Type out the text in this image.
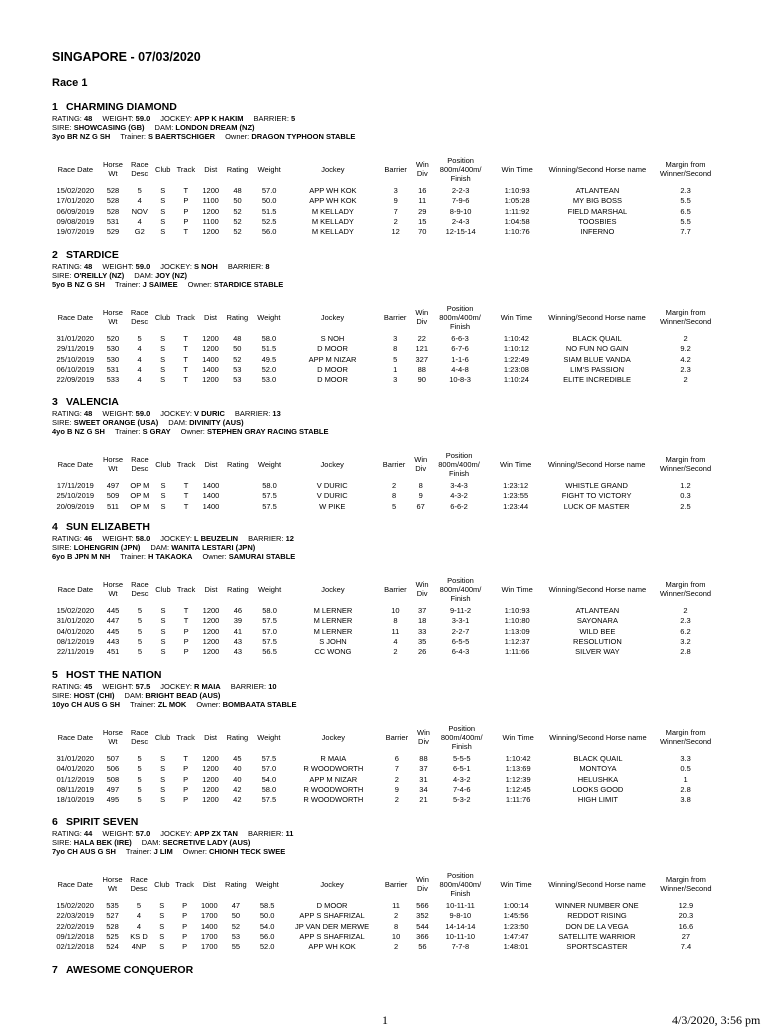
SINGAPORE - 07/03/2020
Race 1
1 CHARMING DIAMOND
RATING: 48 WEIGHT: 59.0 JOCKEY: APP K HAKIM BARRIER: 5
SIRE: SHOWCASING (GB) DAM: LONDON DREAM (NZ)
3yo BR NZ G SH Trainer: S BAERTSCHIGER Owner: DRAGON TYPHOON STABLE
Race Date	Horse Wt	Race Desc	Club	Track	Dist	Rating	Weight	Jockey	Barrier	Win Div	Position 800m/400m/ Finish	Win Time	Winning/Second Horse name	Margin from Winner/Second
15/02/2020	528	5	S	T	1200	48	57.0	APP WH KOK	3	16	2-2-3	1:10:93	ATLANTEAN	2.3
17/01/2020	528	4	S	P	1100	50	50.0	APP WH KOK	9	11	7-9-6	1:05:28	MY BIG BOSS	5.5
06/09/2019	528	NOV	S	P	1200	52	51.5	M KELLADY	7	29	8-9-10	1:11:92	FIELD MARSHAL	6.5
09/08/2019	531	4	S	P	1100	52	52.5	M KELLADY	2	15	2-4-3	1:04:58	TOOSBIES	5.5
19/07/2019	529	G2	S	T	1200	52	56.0	M KELLADY	12	70	12-15-14	1:10:76	INFERNO	7.7
2 STARDICE
RATING: 48 WEIGHT: 59.0 JOCKEY: S NOH BARRIER: 8
SIRE: O'REILLY (NZ) DAM: JOY (NZ)
5yo B NZ G SH Trainer: J SAIMEE Owner: STARDICE STABLE
Race Date	Horse Wt	Race Desc	Club	Track	Dist	Rating	Weight	Jockey	Barrier	Win Div	Position 800m/400m/ Finish	Win Time	Winning/Second Horse name	Margin from Winner/Second
31/01/2020	520	5	S	T	1200	48	58.0	S NOH	3	22	6-6-3	1:10:42	BLACK QUAIL	2
29/11/2019	530	4	S	T	1200	50	51.5	D MOOR	8	121	6-7-6	1:10:12	NO FUN NO GAIN	9.2
25/10/2019	530	4	S	T	1400	52	49.5	APP M NIZAR	5	327	1-1-6	1:22:49	SIAM BLUE VANDA	4.2
06/10/2019	531	4	S	T	1400	53	52.0	D MOOR	1	88	4-4-8	1:23:08	LIM'S PASSION	2.3
22/09/2019	533	4	S	T	1200	53	53.0	D MOOR	3	90	10-8-3	1:10:24	ELITE INCREDIBLE	2
3 VALENCIA
RATING: 48 WEIGHT: 59.0 JOCKEY: V DURIC BARRIER: 13
SIRE: SWEET ORANGE (USA) DAM: DIVINITY (AUS)
4yo B NZ G SH Trainer: S GRAY Owner: STEPHEN GRAY RACING STABLE
Race Date	Horse Wt	Race Desc	Club	Track	Dist	Rating	Weight	Jockey	Barrier	Win Div	Position 800m/400m/ Finish	Win Time	Winning/Second Horse name	Margin from Winner/Second
17/11/2019	497	OP M	S	T	1400		58.0	V DURIC	2	8	3-4-3	1:23:12	WHISTLE GRAND	1.2
25/10/2019	509	OP M	S	T	1400		57.5	V DURIC	8	9	4-3-2	1:23:55	FIGHT TO VICTORY	0.3
20/09/2019	511	OP M	S	T	1400		57.5	W PIKE	5	67	6-6-2	1:23:44	LUCK OF MASTER	2.5
4 SUN ELIZABETH
RATING: 46 WEIGHT: 58.0 JOCKEY: L BEUZELIN BARRIER: 12
SIRE: LOHENGRIN (JPN) DAM: WANITA LESTARI (JPN)
6yo B JPN M NH Trainer: H TAKAOKA Owner: SAMURAI STABLE
Race Date	Horse Wt	Race Desc	Club	Track	Dist	Rating	Weight	Jockey	Barrier	Win Div	Position 800m/400m/ Finish	Win Time	Winning/Second Horse name	Margin from Winner/Second
15/02/2020	445	5	S	T	1200	46	58.0	M LERNER	10	37	9-11-2	1:10:93	ATLANTEAN	2
31/01/2020	447	5	S	T	1200	39	57.5	M LERNER	8	18	3-3-1	1:10:80	SAYONARA	2.3
04/01/2020	445	5	S	P	1200	41	57.0	M LERNER	11	33	2-2-7	1:13:09	WILD BEE	6.2
08/12/2019	443	5	S	P	1200	43	57.5	S JOHN	4	35	6-5-5	1:12:37	RESOLUTION	3.2
22/11/2019	451	5	S	P	1200	43	56.5	CC WONG	2	26	6-4-3	1:11:66	SILVER WAY	2.8
5 HOST THE NATION
RATING: 45 WEIGHT: 57.5 JOCKEY: R MAIA BARRIER: 10
SIRE: HOST (CHI) DAM: BRIGHT BEAD (AUS)
10yo CH AUS G SH Trainer: ZL MOK Owner: BOMBAATA STABLE
Race Date	Horse Wt	Race Desc	Club	Track	Dist	Rating	Weight	Jockey	Barrier	Win Div	Position 800m/400m/ Finish	Win Time	Winning/Second Horse name	Margin from Winner/Second
31/01/2020	507	5	S	T	1200	45	57.5	R MAIA	6	88	5-5-5	1:10:42	BLACK QUAIL	3.3
04/01/2020	506	5	S	P	1200	40	57.0	R WOODWORTH	7	37	6-5-1	1:13:69	MONTOYA	0.5
01/12/2019	508	5	S	P	1200	40	54.0	APP M NIZAR	2	31	4-3-2	1:12:39	HELUSHKA	1
08/11/2019	497	5	S	P	1200	42	58.0	R WOODWORTH	9	34	7-4-6	1:12:45	LOOKS GOOD	2.8
18/10/2019	495	5	S	P	1200	42	57.5	R WOODWORTH	2	21	5-3-2	1:11:76	HIGH LIMIT	3.8
6 SPIRIT SEVEN
RATING: 44 WEIGHT: 57.0 JOCKEY: APP ZX TAN BARRIER: 11
SIRE: HALA BEK (IRE) DAM: SECRETIVE LADY (AUS)
7yo CH AUS G SH Trainer: J LIM Owner: CHIONH TECK SWEE
Race Date	Horse Wt	Race Desc	Club	Track	Dist	Rating	Weight	Jockey	Barrier	Win Div	Position 800m/400m/ Finish	Win Time	Winning/Second Horse name	Margin from Winner/Second
15/02/2020	535	5	S	P	1000	47	58.5	D MOOR	11	566	10-11-11	1:00:14	WINNER NUMBER ONE	12.9
22/03/2019	527	4	S	P	1700	50	50.0	APP S SHAFRIZAL	2	352	9-8-10	1:45:56	REDDOT RISING	20.3
22/02/2019	528	4	S	P	1400	52	54.0	JP VAN DER MERWE	8	544	14-14-14	1:23:50	DON DE LA VEGA	16.6
09/12/2018	525	KS D	S	P	1700	53	56.0	APP S SHAFRIZAL	10	366	10-11-10	1:47:47	SATELLITE WARRIOR	27
02/12/2018	524	4NP	S	P	1700	55	52.0	APP WH KOK	2	56	7-7-8	1:48:01	SPORTSCASTER	7.4
7 AWESOME CONQUEROR
1	4/3/2020, 3:56 pm
